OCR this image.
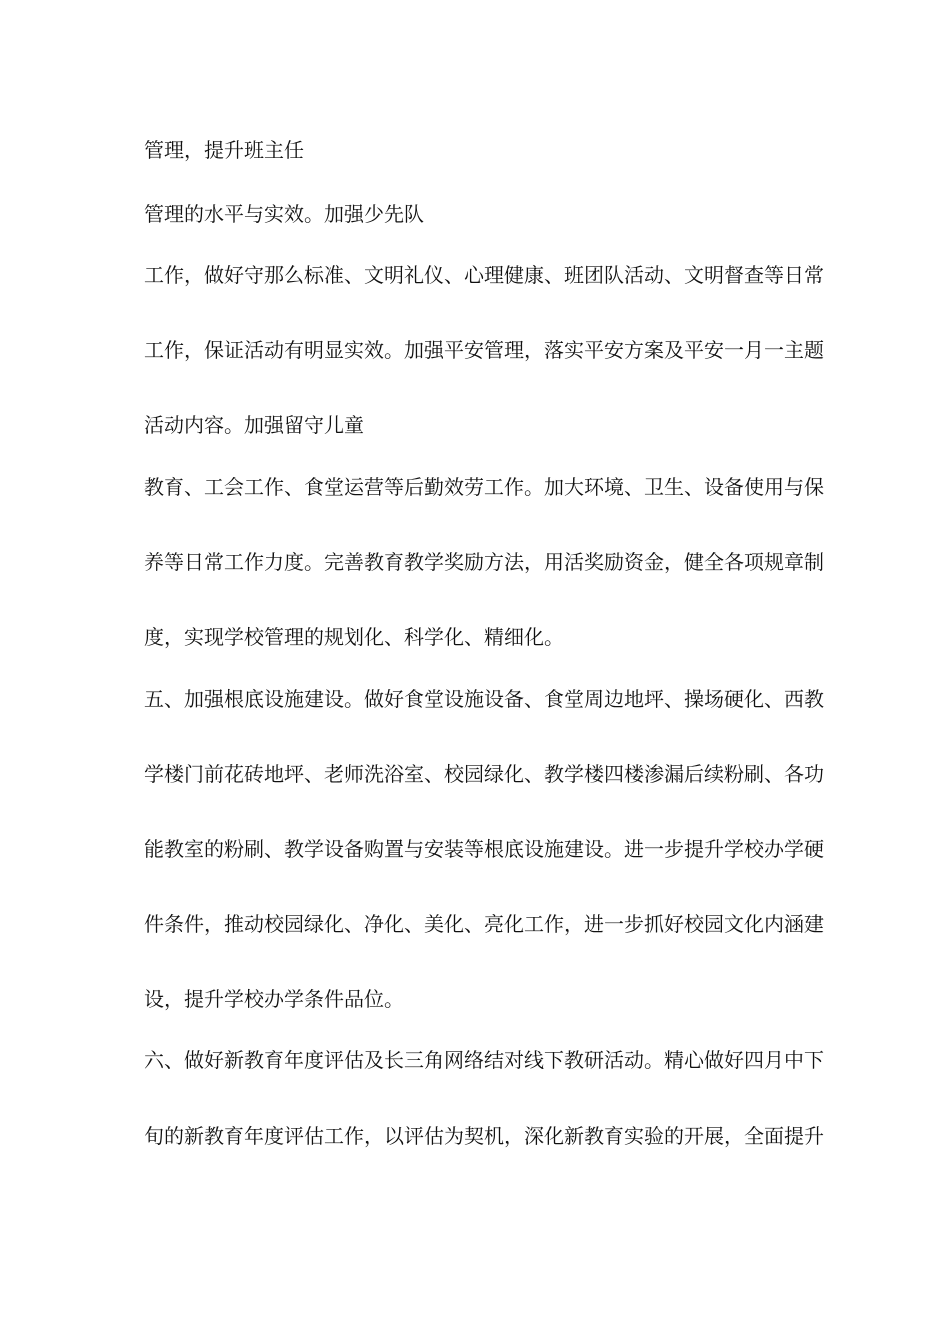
管理，提升班主任
管理的水平与实效。加强少先队
工作，做好守那么标准、文明礼仪、心理健康、班团队活动、文明督查等日常
工作，保证活动有明显实效。加强平安管理，落实平安方案及平安一月一主题
活动内容。加强留守儿童
教育、工会工作、食堂运营等后勤效劳工作。加大环境、卫生、设备使用与保
养等日常工作力度。完善教育教学奖励方法，用活奖励资金，健全各项规章制
度，实现学校管理的规划化、科学化、精细化。
五、加强根底设施建设。做好食堂设施设备、食堂周边地坪、操场硬化、西教
学楼门前花砖地坪、老师洗浴室、校园绿化、教学楼四楼渗漏后续粉刷、各功
能教室的粉刷、教学设备购置与安装等根底设施建设。进一步提升学校办学硬
件条件，推动校园绿化、净化、美化、亮化工作，进一步抓好校园文化内涵建
设，提升学校办学条件品位。
六、做好新教育年度评估及长三角网络结对线下教研活动。精心做好四月中下
旬的新教育年度评估工作，以评估为契机，深化新教育实验的开展，全面提升
